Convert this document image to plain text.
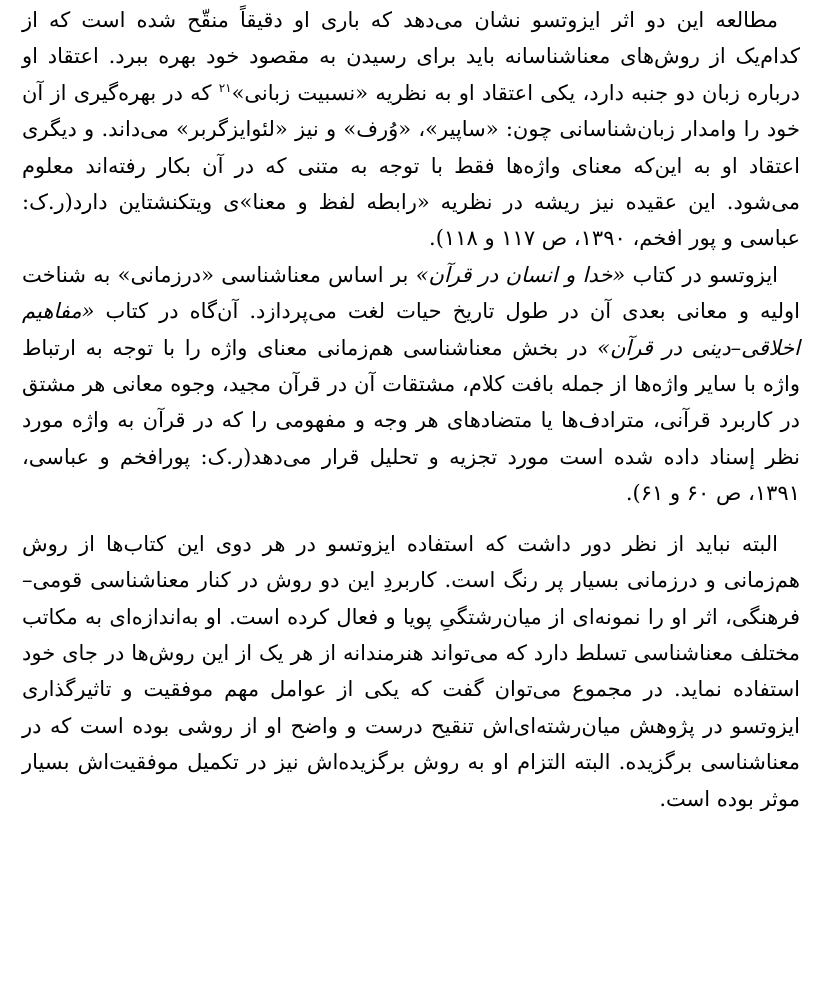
مطالعه این دو اثر ایزوتسو نشان می‌دهد که باری او دقیقاً منقّح شده است که از کدام‌یک از روش‌های معناشناسانه باید برای رسیدن به مقصود خود بهره ببرد. اعتقاد او درباره زبان دو جنبه دارد، یکی اعتقاد او به نظریه «نسبیت زبانی»$^{۲۱}$ که در بهره‌گیری از آن خود را وامدار زبان‌شناسانی چون: «ساپیر»، «وُرف» و نیز «لئوایزگربر» می‌داند. و دیگری اعتقاد او به این‌که معنای واژه‌ها فقط با توجه به متنی که در آن بکار رفته‌اند معلوم می‌شود. این عقیده نیز ریشه در نظریه «رابطه لفظ و معنا»ی ویتکنشتاین دارد(ر.ک: عباسی و پور افخم، ۱۳۹۰، ص ۱۱۷ و ۱۱۸).

ایزوتسو در کتاب «خدا و انسان در قرآن» بر اساس معناشناسی «درزمانی» به شناخت اولیه و معانی بعدی آن در طول تاریخ حیات لغت می‌پردازد. آن‌گاه در کتاب «مفاهیم اخلاقی–دینی در قرآن» در بخش معناشناسی هم‌زمانی معنای واژه را با توجه به ارتباط واژه با سایر واژه‌ها از جمله بافت کلام، مشتقات آن در قرآن مجید، وجوه معانی هر مشتق در کاربرد قرآنی، مترادف‌ها یا متضادهای هر وجه و مفهومی را که در قرآن به واژه مورد نظر إسناد داده شده است مورد تجزیه و تحلیل قرار می‌دهد(ر.ک: پورافخم و عباسی، ۱۳۹۱، ص ۶۰ و ۶۱).

البته نباید از نظر دور داشت که استفاده ایزوتسو در هر دوی این کتاب‌ها از روش هم‌زمانی و درزمانی بسیار پر رنگ است. کاربردِ این دو روش در کنار معناشناسی قومی–فرهنگی، اثر او را نمونه‌ای از میان‌رشتگیِ پویا و فعال کرده است. او به‌اندازه‌ای به مکاتب مختلف معناشناسی تسلط دارد که می‌تواند هنرمندانه از هر یک از این روش‌ها در جای خود استفاده نماید. در مجموع می‌توان گفت که یکی از عوامل مهم موفقیت و تاثیرگذاری ایزوتسو در پژوهش میان‌رشته‌ای‌اش تنقیح درست و واضح او از روشی بوده است که در معناشناسی برگزیده. البته التزام او به روش برگزیده‌اش نیز در تکمیل موفقیت‌اش بسیار موثر بوده است.
